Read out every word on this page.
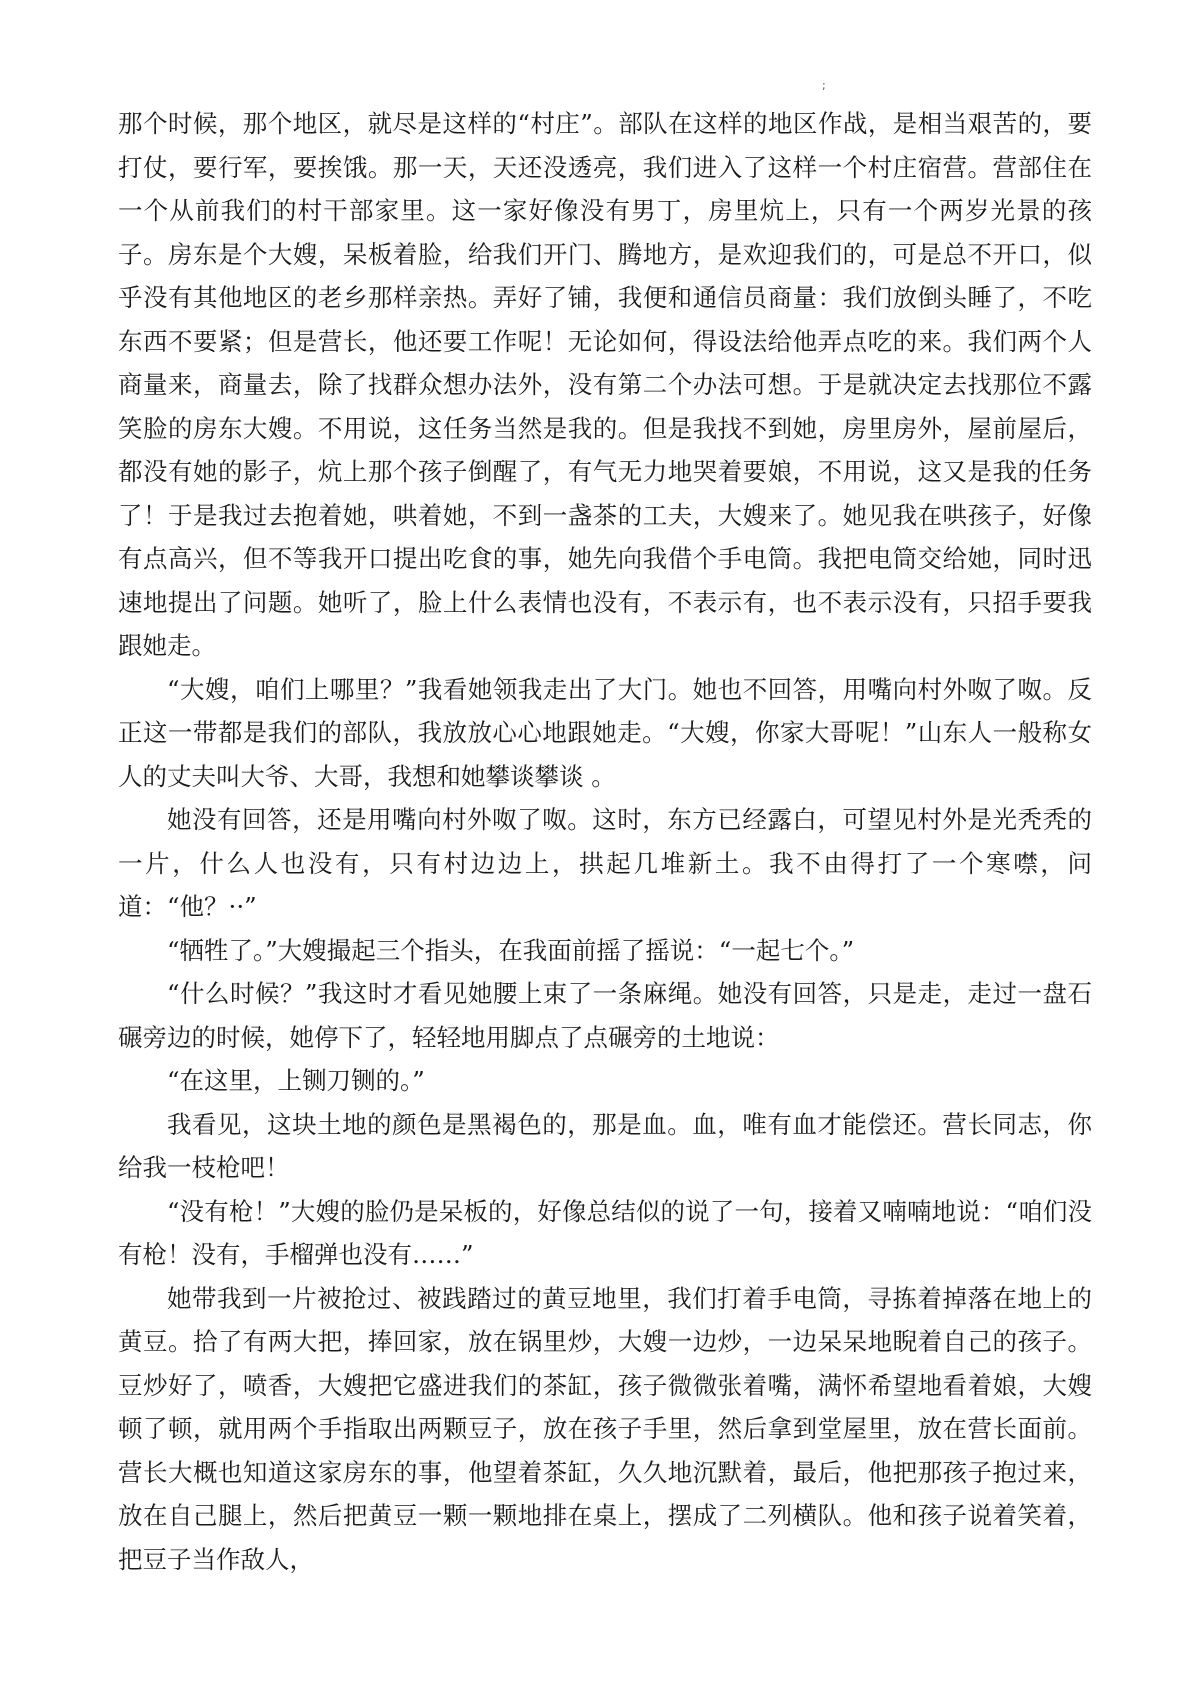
;

那个时候，那个地区，就尽是这样的“村庄”。部队在这样的地区作战，是相当艰苦的，要打仗，要行军，要挨饿。那一天，天还没透亮，我们进入了这样一个村庄宿营。营部住在一个从前我们的村干部家里。这一家好像没有男丁，房里炕上，只有一个两岁光景的孩子。房东是个大嫂，呆板着脸，给我们开门、腾地方，是欢迎我们的，可是总不开口，似乎没有其他地区的老乡那样亲热。弄好了铺，我便和通信员商量：我们放倒头睡了，不吃东西不要紧；但是营长，他还要工作呢！无论如何，得设法给他弄点吃的来。我们两个人商量来，商量去，除了找群众想办法外，没有第二个办法可想。于是就决定去找那位不露笑脸的房东大嫂。不用说，这任务当然是我的。但是我找不到她，房里房外，屋前屋后，都没有她的影子，炕上那个孩子倒醒了，有气无力地哭着要娘，不用说，这又是我的任务了！于是我过去抱着她，哄着她，不到一盏茶的工夫，大嫂来了。她见我在哄孩子，好像有点高兴，但不等我开口提出吃食的事，她先向我借个手电筒。我把电筒交给她，同时迅速地提出了问题。她听了，脸上什么表情也没有，不表示有，也不表示没有，只招手要我跟她走。

“大嫂，咱们上哪里？”我看她领我走出了大门。她也不回答，用嘴向村外呶了呶。反正这一带都是我们的部队，我放放心心地跟她走。“大嫂，你家大哥呢！”山东人一般称女人的丈夫叫大爷、大哥，我想和她攀谈攀谈 。

她没有回答，还是用嘴向村外呶了呶。这时，东方已经露白，可望见村外是光秃秃的一片，什么人也没有，只有村边边上，拱起几堆新土。我不由得打了一个寒噤，问道：“他？··”

“牺牲了。”大嫂撮起三个指头，在我面前摇了摇说：“一起七个。”

“什么时候？”我这时才看见她腰上束了一条麻绳。她没有回答，只是走，走过一盘石碾旁边的时候，她停下了，轻轻地用脚点了点碾旁的土地说：

“在这里，上铡刀铡的。”

我看见，这块土地的颜色是黑褐色的，那是血。血，唯有血才能偿还。营长同志，你给我一枝枪吧！

“没有枪！”大嫂的脸仍是呆板的，好像总结似的说了一句，接着又喃喃地说：“咱们没有枪！没有，手榴弹也没有……”

她带我到一片被抢过、被践踏过的黄豆地里，我们打着手电筒，寻拣着掉落在地上的黄豆。拾了有两大把，捧回家，放在锅里炒，大嫂一边炒，一边呆呆地睨着自己的孩子。豆炒好了，喷香，大嫂把它盛进我们的茶缸，孩子微微张着嘴，满怀希望地看着娘，大嫂顿了顿，就用两个手指取出两颗豆子，放在孩子手里，然后拿到堂屋里，放在营长面前。营长大概也知道这家房东的事，他望着茶缸，久久地沉默着，最后，他把那孩子抱过来，放在自己腿上，然后把黄豆一颗一颗地排在桌上，摆成了二列横队。他和孩子说着笑着，把豆子当作敌人，
